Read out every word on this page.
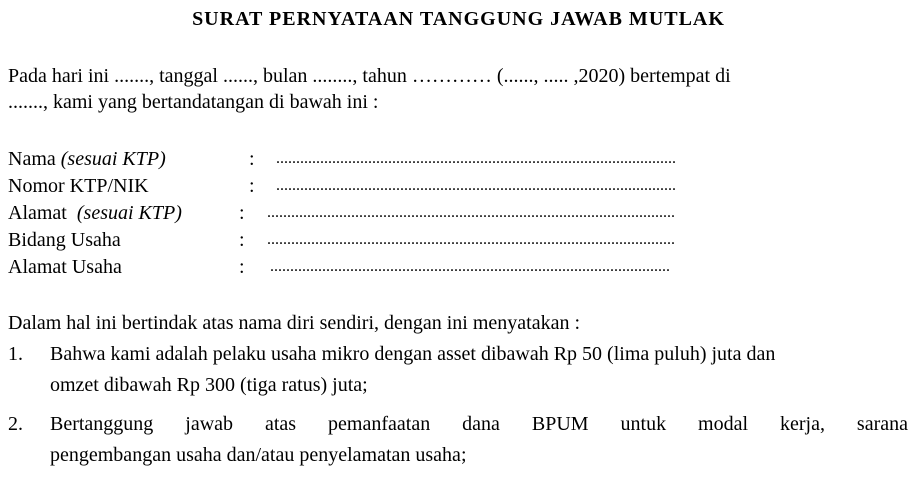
SURAT PERNYATAAN TANGGUNG JAWAB MUTLAK
Pada hari ini ......., tanggal ......, bulan ........, tahun ………… (......, ..... ,2020) bertempat di
......., kami yang bertandatangan di bawah ini :
Nama (sesuai KTP)	: ....................................................................................................
Nomor KTP/NIK	: ....................................................................................................
Alamat  (sesuai KTP)	: ......................................................................................................
Bidang Usaha	: ......................................................................................................
Alamat Usaha	: ....................................................................................................
Dalam hal ini bertindak atas nama diri sendiri, dengan ini menyatakan :
1. Bahwa kami adalah pelaku usaha mikro dengan asset dibawah Rp 50 (lima puluh) juta dan
omzet dibawah Rp 300 (tiga ratus) juta;
2. Bertanggung jawab atas pemanfaatan dana BPUM untuk modal kerja, sarana
pengembangan usaha dan/atau penyelamatan usaha;
